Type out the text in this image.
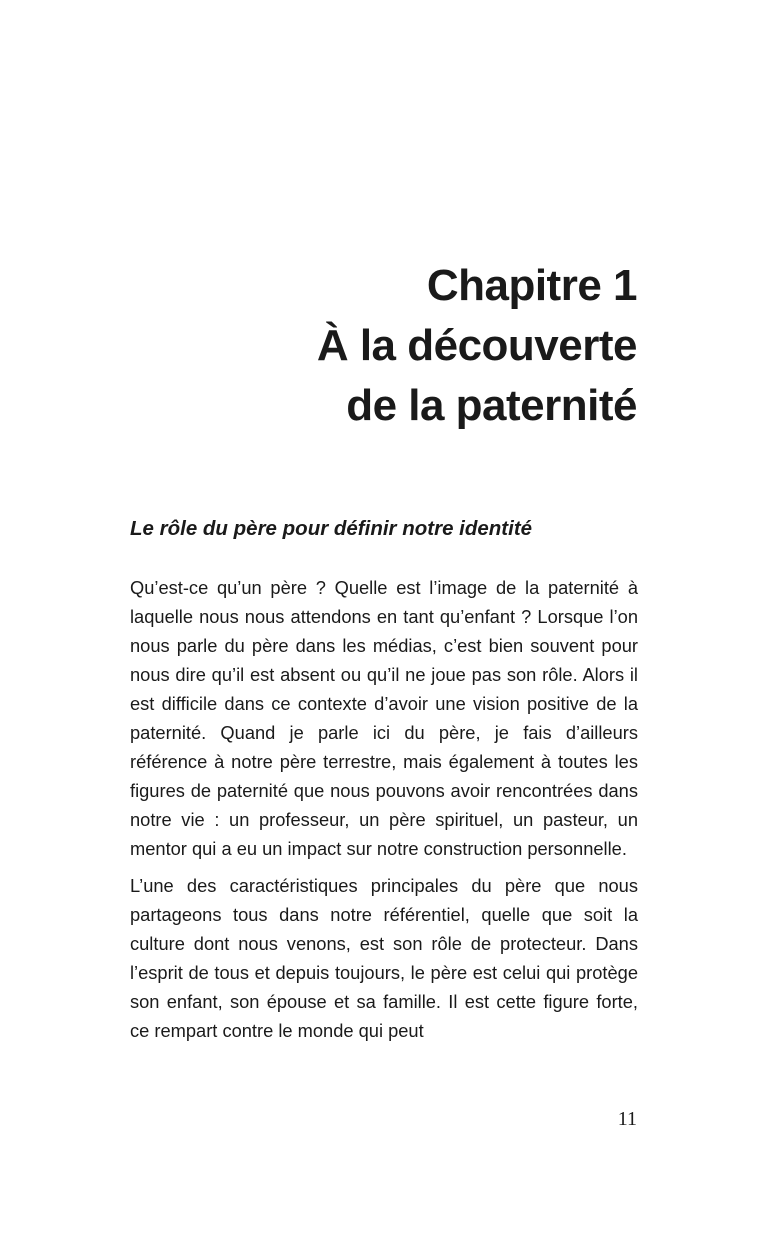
Chapitre 1
À la découverte
de la paternité
Le rôle du père pour définir notre identité

Qu’est-ce qu’un père ? Quelle est l’image de la paternité à laquelle nous nous attendons en tant qu’enfant ? Lorsque l’on nous parle du père dans les médias, c’est bien souvent pour nous dire qu’il est absent ou qu’il ne joue pas son rôle. Alors il est difficile dans ce contexte d’avoir une vision positive de la paternité. Quand je parle ici du père, je fais d’ailleurs référence à notre père terrestre, mais également à toutes les figures de paternité que nous pouvons avoir rencontrées dans notre vie : un professeur, un père spirituel, un pasteur, un mentor qui a eu un impact sur notre construction personnelle.

L’une des caractéristiques principales du père que nous partageons tous dans notre référentiel, quelle que soit la culture dont nous venons, est son rôle de protecteur. Dans l’esprit de tous et depuis toujours, le père est celui qui protège son enfant, son épouse et sa famille. Il est cette figure forte, ce rempart contre le monde qui peut

11
